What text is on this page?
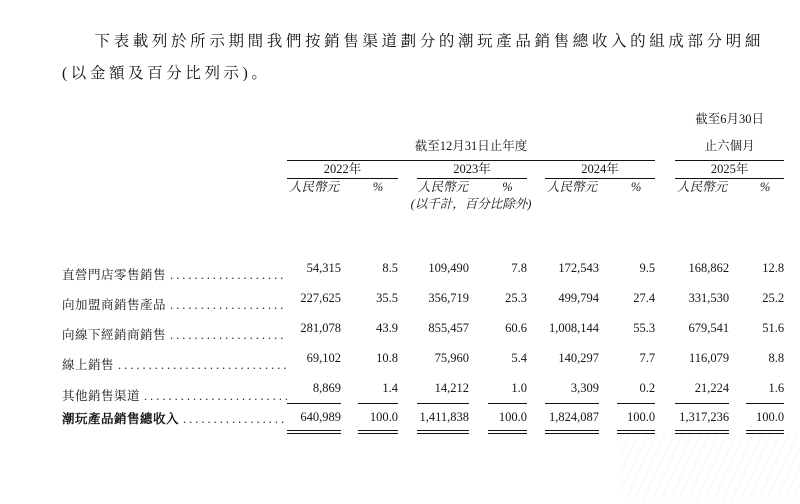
下表載列於所示期間我們按銷售渠道劃分的潮玩產品銷售總收入的組成部分明細(以金額及百分比列示)。

	截至12月31日止年度												截至6月30日
止六個月		
	2022年				2023年				2024年				2025年		
	人民幣元		%		人民幣元		%		人民幣元		%		人民幣元		%
	(以千計，百分比除外)														

直營門店零售銷售
.....	54,315		8.5		109,490		7.8		172,543		9.5		168,862		12.8

向加盟商銷售產品
.....	227,625		35.5		356,719		25.3		499,794		27.4		331,530		25.2

向線下經銷商銷售
.....	281,078		43.9		855,457		60.6		1,008,144		55.3		679,541		51.6

線上銷售
.....	69,102		10.8		75,960		5.4		140,297		7.7		116,079		8.8

其他銷售渠道
.....	8,869		1.4		14,212		1.0		3,309		0.2		21,224		1.6

潮玩產品銷售總收入
.....	640,989		100.0		1,411,838		100.0		1,824,087		100.0		1,317,236		100.0
